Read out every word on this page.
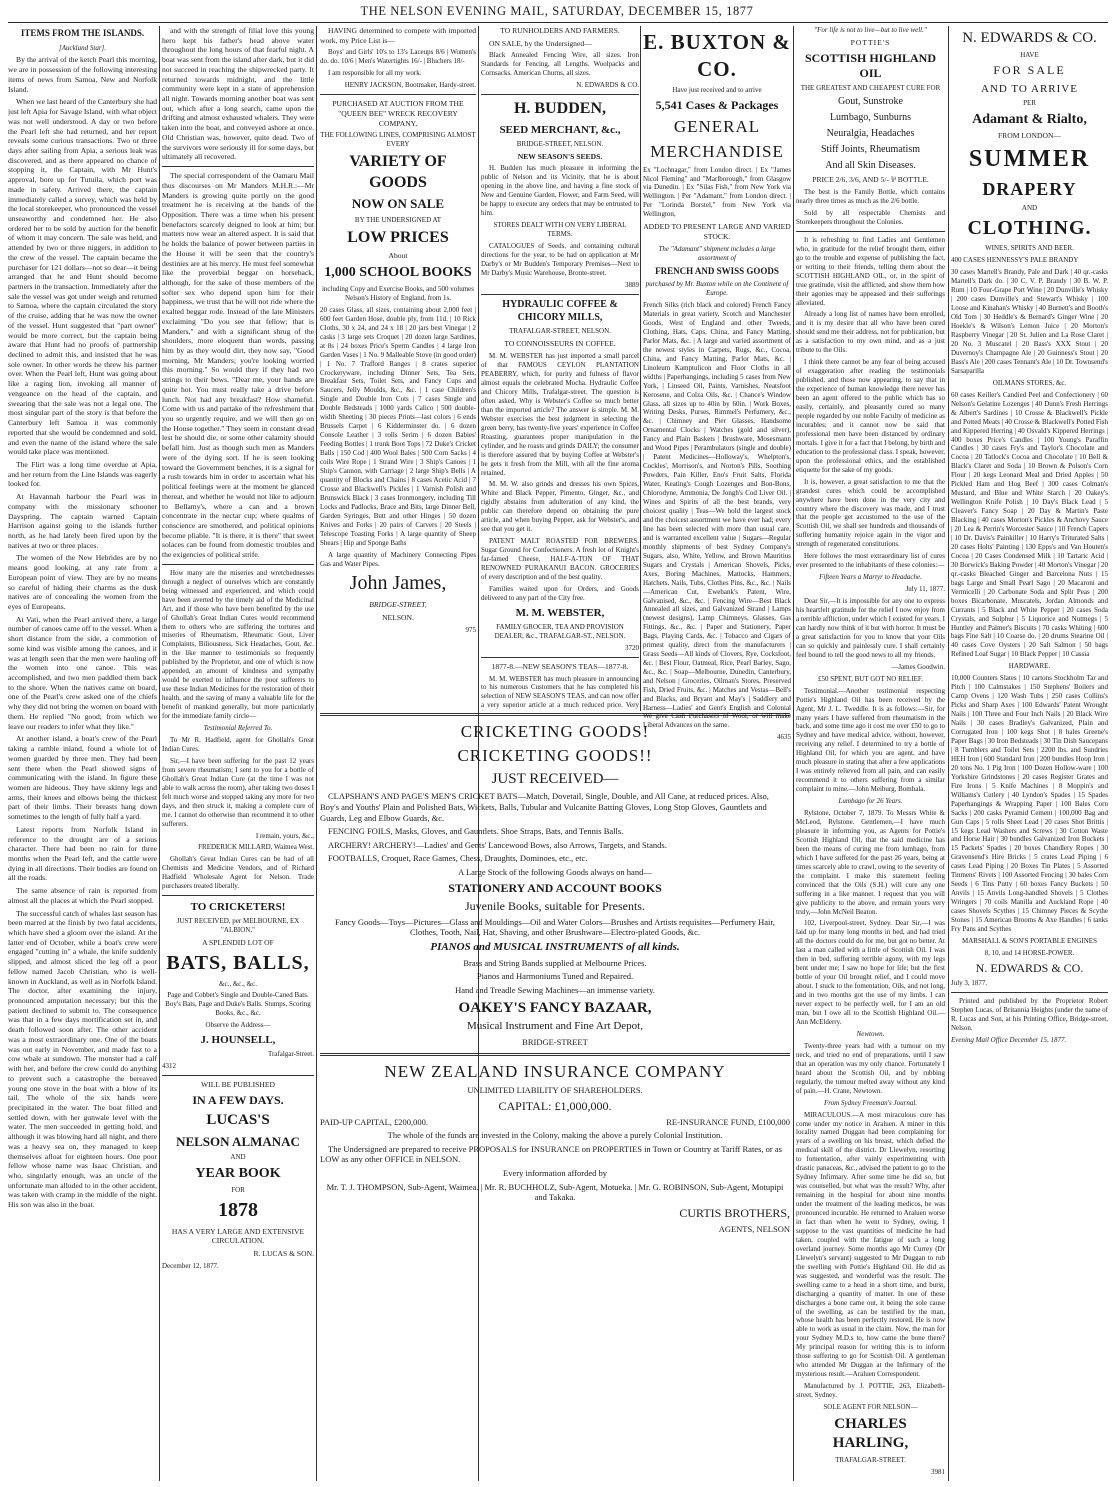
THE NELSON EVENING MAIL, SATURDAY, DECEMBER 15, 1877

ITEMS FROM THE ISLANDS.

[Auckland Star].

By the arrival of the ketch Pearl this morning, we are in possession of the following interesting items of news from Samoa, New and Norfolk Island.

When we last heard of the Canterbury she had just left Apia for Savage Island, with what object was not well understood. A day or two before the Pearl left she had returned, and her report reveals some curious transactions. Two or three days after sailing from Apia, a serious leak was discovered, and as there appeared no chance of stopping it, the Captain, with Mr Hunt's approval, bore up for Tutuila, which port was made in safety. Arrived there, the captain immediately called a survey, which was held by the local storekeeper, who pronounced the vessel unseaworthy and condemned her. He also ordered her to be sold by auction for the benefit of whom it may concern. The sale was held, and attended by two or three niggers, in addition to the crew of the vessel. The captain became the purchaser for 121 dollars—not so dear—it being arranged that he and Hunt should become partners in the transaction. Immediately after the sale the vessel was got under weigh and returned to Samoa, where the captain circulated the story of the cruise, adding that he was now the owner of the vessel. Hunt suggested that "part owner" would be more correct, but the captain being aware that Hunt had no proofs of partnership declined to admit this, and insisted that he was sole owner. In other words he threw his partner over. When the Pearl left, Hunt was going about like a raging lion, invoking all manner of vengeance on the head of the captain, and swearing that the sale was not a legal one. The most singular part of the story is that before the Canterbury left Samoa it was commonly reported that she would be condemned and sold, and even the name of the island where the sale would take place was mentioned.

The Flirt was a long time overdue at Apia, and her return from the Line Islands was eagerly looked for.

At Havannah harbour the Pearl was in company with the missionary schooner Dayspring. The captain warned Captain Harrison against going to the islands further north, as he had lately been fired upon by the natives at two or three places.

The women of the New Hebrides are by no means good looking, at any rate from a European point of view. They are by no means so careful of hiding their charms as the dusk natives are of concealing the women from the eyes of Europeans.

At Vati, when the Pearl arrived there, a large number of canoes came off to the vessel. When a short distance from the side, a commotion of some kind was visible among the canoes, and it was at length seen that the men were hauling off the women into one canoe. This was accomplished, and two men paddled them back to the shore. When the natives came on board, one of the Pearl's crew asked one of the chiefs why they did not bring the women on board with them. He replied "No good; from which we leave our readers to infer what they like."

At another island, a boat's crew of the Pearl taking a ramble inland, found a whole lot of women guarded by three men. They had been sent there when the Pearl showed signs of communicating with the island. In figure these women are hideous. They have skinny legs and arms, their knees and elbows being the thickest part of their limbs. Their breasts hang down sometimes to the length of fully half a yard.

Latest reports from Norfolk Island in reference to the drought are of a serious character. There had been no rain for three months when the Pearl left, and the cattle were dying in all directions. Their bodies are found on all the roads.

The same absence of rain is reported from almost all the places at which the Pearl stopped.

The successful catch of whales last season has been marred at the finish by two fatal accidents, which have shed a gloom over the island. At the latter end of October, while a boat's crew were engaged "cutting in" a whale, the knife suddenly slipped, and almost sliced the leg off a poor fellow named Jacob Christian, who is well-known in Auckland, as well as in Norfolk Island. The doctor, after examining the injury, pronounced amputation necessary; but this the patient declined to submit to. The consequence was that in a few days mortification set in, and death followed soon after. The other accident was a most extraordinary one. One of the boats was out early in November, and made fast to a cow whale at sundown. The monster had a calf with her, and before the crew could do anything to prevent such a catastrophe the bereaved young one stove in the boat with a blow of its tail. The whole of the six hands were precipitated in the water. The boat filled and settled down, with her gunwale level with the water. The men succeeded in getting hold, and although it was blowing hard all night, and there was a heavy sea on, they managed to keep themselves afloat for eighteen hours. One poor fellow whose name was Isaac Christian, and who, singularly enough, was an uncle of the unfortunate man alluded to in the other accident, was taken with cramp in the middle of the night. His son was also in the boat.

and with the strength of filial love this young hero kept his father's head above water throughout the long hours of that fearful night. A boat was sent from the island after dark, but it did not succeed in reaching the shipwrecked party. It returned towards midnight, and the little community were kept in a state of apprehension all night. Towards morning another boat was sent out, which after a long search, came upon the drifting and almost exhausted whalers. They were taken into the boat, and conveyed ashore at once. Old Christian was, however, quite dead. Two of the survivors were seriously ill for some days, but ultimately all recovered.

The special correspondent of the Oamaru Mail thus discourses on Mr Manders M.H.R.:—Mr Manders is growing quite portly on the good treatment he is receiving at the hands of the Opposition. There was a time when his present benefactors scarcely deigned to look at him; but matters now wear an altered aspect. It is said that he holds the balance of power between parties in the House it will be seen that the country's destinies are at his mercy. He must feel somewhat like the proverbial beggar on horseback, although, for the sake of those members of the softer sex who depend upon him for their happiness, we trust that he will not ride where the exalted beggar rode. Instead of the late Ministers exclaiming "Do you see that fellow; that is Manders," and with a significant shrug of the shoulders, more eloquent than words, passing him by as they would dirt, they now say, "Good morning, Mr Manders; you're looking worried this morning." So would they if they had two strings to their bows. "Dear me, your hands are quite hot. You must really take a drive before lunch. Not had any breakfast? How shameful. Come with us and partake of the refreshment that you so urgently require, and we will then go on the House together." They seem in constant dread lest he should die, or some other calamity should befall him. Just as though such men as Manders were of the dying sort. If he is seen looking toward the Government benches, it is a signal for a rush towards him in order to ascertain what his political feelings were at the moment he glanced thereat, and whether he would not like to adjourn to Bellamy's, where a can and a brown concentrate in the nectar cup; where qualms of conscience are smothered, and political opinions become pliable. "It is there, it is there" that sweet solaces can be found from domestic troubles and the exigencies of political strife.

How many are the miseries and wretchednesses through a neglect of ourselves which are constantly being witnessed and experienced, and which could have been averted by the timely aid of the Medicinal Art, and if those who have been benefited by the use of Ghollah's Great Indian Cures would recommend them to others who are suffering the tortures and miseries of Rheumatism, Rheumatic Gout, Liver Complaints, Biliousness, Sick Headaches, Gout, &c. in the like manner to testimonials so frequently published by the Proprietor, and one of which is now appended, an amount of kindness and sympathy would be exerted to influence the poor sufferers to use these Indian Medicines for the restoration of their health, and the saving of many a valuable life for the benefit of mankind generally, but more particularly for the immediate family circle—

Testimonial Referred To.

To Mr R. Hadfield, agent for Ghollah's Great Indian Cures.

Sir,—I have been suffering for the past 12 years from severe rheumatism; I sent to you for a bottle of Ghollah's Great Indian Cure (at the time I was not able to walk across the room), after taking two doses I felt much worse and stopped taking any more for two days, and then struck it, making a complete cure of me. I cannot do otherwise than recommend it to other sufferers.

I remain, yours, &c.,

FREDERICK MILLARD, Waimea West.

Ghollah's Great Indian Cures can be had of all Chemists and Medicine Vendors, and of Richard Hadfield Wholesale Agent for Nelson. Trade purchasers treated liberally.

TO CRICKETERS!

JUST RECEIVED, per MELBOURNE, EX "ALBION,"

A SPLENDID LOT OF

BATS, BALLS,

&c., &c., &c.

Page and Cobbet's Single and Double-Caned Bats. Boy's Bats, Page and Duke's Balls. Stumps, Scoring Books, &c., &c.

Observe the Address—

J. HOUNSELL,

Trafalgar-Street.

4312

WILL BE PUBLISHED

IN A FEW DAYS.

LUCAS'S

NELSON ALMANAC

AND

YEAR BOOK

FOR

1878

HAS A VERY LARGE AND EXTENSIVE CIRCULATION.

R. LUCAS & SON.

December 12, 1877.

HAVING determined to compete with imported work, my Price List is—

Boys' and Girls' 10's to 13's Laceups 8/6 | Women's do. do. 10/6 | Men's Watertights 16/- | Bluchers 18/-

I am responsible for all my work.

HENRY JACKSON, Bootmaker, Hardy-street.

PURCHASED AT AUCTION FROM THE "QUEEN BEE" WRECK RECOVERY COMPANY,

THE FOLLOWING LINES, COMPRISING ALMOST EVERY

VARIETY OF GOODS

NOW ON SALE

BY THE UNDERSIGNED AT

LOW PRICES

About

1,000 SCHOOL BOOKS

including Copy and Exercise Books, and 500 volumes Nelson's History of England, from 1s.

20 cases Glass, all sizes, containing about 2,000 feet | 600 feet Garden Hose, double ply, from 11d. | 10 Rick Cloths, 30 x 24, and 24 x 18 | 20 jars best Vinegar | 2 casks | 3 large sets Croquet | 20 dozen large Sardines, at 8s | 24 boxes Price's Sperm Candles | 4 large Iron Garden Vases | 1 No. 9 Malleable Stove (in good order) | 1 No. 7 Trafford Ranges | 8 crates superior Crockeryware, including Dinner Sets, Tea Sets, Breakfast Sets, Toilet Sets, and Fancy Cups and Saucers, Jelly Moulds, &c., &c. | 1 case Children's Single and Double Iron Cots | 7 cases Single and Double Bedsteads | 1000 yards Calico | 500 double-width Sheeting | 30 pieces Prints—last colors | 6 ends Brussels Carpet | 6 Kidderminster do. | 6 dozen Console Leather | 3 rolls Serim | 6 dozen Babies' Feeding Bottles | 1 trunk Boot Tops | 72 Duke's Cricket Balls | 150 Cod | 400 Wool Bales | 500 Corn Sacks | 4 coils Wire Rope | 1 Strand Wire | 3 Ship's Canoes | 1 Ship's Cannon, with Carriage | 2 large Ship's Bells | A quantity of Blocks and Chains | 8 cases Acetic Acid | 7 Crosse and Blackwell's Pickles | 1 Varnish Polish and Brunswick Black | 3 cases Ironmongery, including Till Locks and Padlocks, Brace and Bits, large Dinner Bell, Garden Syringes, Butt and other Hinges | 50 dozen Knives and Forks | 20 pairs of Carvers | 20 Steels | Telescope Toasting Forks | A large quantity of Sheep Shears | Hip and Sponge Baths

A large quantity of Machinery Connecting Pipes Gas and Water Pipes.

John James,

BRIDGE-STREET,

NELSON.

975

TO RUNHOLDERS AND FARMERS.

ON SALE, by the Undersigned—

Black Annealed Fencing Wire, all sizes. Iron Standards for Fencing, all Lengths. Woolpacks and Cornsacks. American Churns, all sizes.

N. EDWARDS & CO.

H. BUDDEN,

SEED MERCHANT, &c.,

BRIDGE-STREET, NELSON.

NEW SEASON'S SEEDS.

H. Budden has much pleasure in informing the public of Nelson and its Vicinity, that he is about opening in the above line, and having a fine stock of New and Genuine Garden, Flower, and Farm Seed, will be happy to execute any orders that may be entrusted to him.

STORES DEALT WITH ON VERY LIBERAL TERMS.

CATALOGUES of Seeds, and containing cultural directions for the year, to be had on application at Mr Darby's or Mr Budden's Temporary Premises—Next to Mr Darby's Music Warehouse, Bronte-street.

3889

HYDRAULIC COFFEE & CHICORY MILLS,

TRAFALGAR-STREET, NELSON.

TO CONNOISSEURS IN COFFEE.

M. M. WEBSTER has just imported a small parcel of that FAMOUS CEYLON PLANTATION PEABERRY, which, for purity and fulness of flavor almost equals the celebrated Mocha. Hydraulic Coffee and Chicory Mills, Trafalgar-street. The question is often asked, Why is Webster's Coffee so much better than the imported article? The answer is simple. M. M. Webster exercises the best judgment in selecting the green berry, has twenty-five years' experience in Coffee Roasting, guarantees proper manipulation in the cylinder, and he roasts and grinds DAILY; the consumer is therefore assured that by buying Coffee at Webster's he gets it fresh from the Mill, with all the fine aroma retained.

M. M. W. also grinds and dresses his own Spices, White and Black Pepper, Pimento, Ginger, &c., and rigidly abstains from adulteration of any kind, the public can therefore depend on obtaining the pure article, and when buying Pepper, ask for Webster's, and see that you get it.

PATENT MALT ROASTED FOR BREWERS. Sugar Ground for Confectioners. A fresh lot of Knight's far-famed Cheese, HALF-A-TON OF THAT RENOWNED PURAKANUI BACON. GROCERIES of every description and of the best quality.

Families waited upon for Orders, and Goods delivered to any part of the City free.

M. M. WEBSTER,

FAMILY GROCER, TEA AND PROVISION DEALER, &c., TRAFALGAR-ST., NELSON.

3720

1877-8.—NEW SEASON'S TEAS—1877-8.

M. M. WEBSTER has much pleasure in announcing to his numerous Customers that he has completed his selection of NEW SEASON'S TEAS, and can now offer a very superior article at a much reduced price. Very

E. BUXTON & CO.

Have just received and to arrive

5,541 Cases & Packages

GENERAL

MERCHANDISE

Ex "Lochnagar," from London direct. | Ex "James Nicol Fleming" and "Marlborough," from Glasgow via Dunedin. | Ex "Silas Fish," from New York via Wellington. | Per "Adamant," from London direct. | Per "Lorinda Borstel," from New York via Wellington,

ADDED TO PRESENT LARGE AND VARIED STOCK.

The "Adamant" shipment includes a large assortment of

FRENCH AND SWISS GOODS

purchased by Mr. Buxton while on the Continent of Europe.

French Silks (rich black and colored) French Fancy Materials in great variety, Scotch and Manchester Goods, West of England and other Tweeds, Clothing, Hats, Caps, China, and Fancy Matting, Parlor Mats, &c. | A large and varied assortment of the newest styles in Carpets, Rugs, &c., Cocoa, China, and Fancy Matting, Parlor Mats, &c. | Linoleum Kamptulicon and Floor Cloths in all widths | Paperhangings, including 5 cases from New York, | Linseed Oil, Paints, Varnishes, Neatsfoot Kerosene, and Colza Oils, &c. | Chance's Window Glass, all sizes up to 40in by 60in. | Work Boxes, Writing Desks, Purses, Rimmel's Perfumery, &c., &c. | Chimney and Pier Glasses, Handsome Ornamental Clocks | Watches (gold and silver), Fancy and Plain Baskets | Brushware, Mosesmann and Wood Pipes | Perambulators (single and double) | Patent Medicines—Holloway's, Whelpton's, Cockles', Morrison's, and Norton's Pills, Soothing Powders, Pain Killer, Eno's Fruit Salts, Florida Water, Keating's Cough Lozenges and Bon-Bons, Chlorodyne, Ammonia, De Jongh's Cod Liver Oil. | Wines and Spirits of all the best brands, very choicest quality | Teas—We hold the largest stock and the choicest assortment we have ever had; every line has been selected with more than usual care, and is warranted excellent value | Sugars—Regular monthly shipments of best Sydney Company's Sugars, also, White, Yellow, and Brown Mauritius Sugars and Crystals | American Shovels, Picks, Axes, Boring Machines, Mattocks, Hammers, Hatchets, Nails, Tubs, Clothes Pins, &c., &c. | Nails—American Cut, Ewebank's Patent, Wire, Galvanised, &c., &c. | Fencing Wire—Best Black Annealed all sizes, and Galvanized Strand | Lamps (newest designs), Lamp Chimneys, Glasses, Gas Fittings, &c., &c. | Paper and Stationery, Paper Bags, Playing Cards, &c. | Tobacco and Cigars of primest quality, direct from the manufacturers | Grass Seeds—All kinds of Clovers, Rye, Cocksfoot, &c. | Best Flour, Oatmeal, Rice, Pearl Barley, Sago, &c., &c. | Soap—Melbourne, Dunedin, Canterbury, and Nelson | Groceries, Oilman's Stores, Preserved Fish, Dried Fruits, &c. | Matches and Vestas—Bell's and Blacks, and Bryant and May's | Saddlery and Harness—Ladies' and Gent's English and Colonial

CRICKETING GOODS!

CRICKETING GOODS!!

JUST RECEIVED—

CLAPSHAN'S AND PAGE'S MEN'S CRICKET BATS—Match, Dovetail, Single, Double, and All Cane, at reduced prices. Also, Boy's and Youths' Plain and Polished Bats, Wickets, Balls, Tubular and Vulcanite Batting Gloves, Long Stop Gloves, Gauntlets and Guards, Leg and Elbow Guards, &c.

FENCING FOILS, Masks, Gloves, and Gauntlets. Shoe Straps, Bats, and Tennis Balls.

ARCHERY! ARCHERY!—Ladies' and Gents' Lancewood Bows, also Arrows, Targets, and Stands.

FOOTBALLS, Croquet, Race Games, Chess, Draughts, Dominoes, etc., etc.

A Large Stock of the following Goods always on hand—

STATIONERY AND ACCOUNT BOOKS

Juvenile Books, suitable for Presents.

Fancy Goods—Toys—Pictures—Glass and Mouldings—Oil and Water Colors—Brushes and Artists requisites—Perfumery Hair, Clothes, Tooth, Nail, Hat, Shaving, and other Brushware—Electro-plated Goods, &c.

PIANOS and MUSICAL INSTRUMENTS of all kinds.

Brass and String Bands supplied at Melbourne Prices.

Pianos and Harmoniums Tuned and Repaired.

Hand and Treadle Sewing Machines—an immense variety.

OAKEY'S FANCY BAZAAR,

Musical Instrument and Fine Art Depot,

BRIDGE-STREET

NEW ZEALAND INSURANCE COMPANY

UNLIMITED LIABILITY OF SHAREHOLDERS.

CAPITAL: £1,000,000.

PAID-UP CAPITAL, £200,000.	RE-INSURANCE FUND, £100,000

The whole of the funds are invested in the Colony, making the above a purely Colonial Institution.

The Undersigned are prepared to receive PROPOSALS for INSURANCE on PROPERTIES in Town or Country at Tariff Rates, or as LOW as any other OFFICE in NELSON.

Every information afforded by

Mr. T. J. THOMPSON, Sub-Agent, Waimea. | Mr. R. BUCHHOLZ, Sub-Agent, Motueka. | Mr. G. ROBINSON, Sub-Agent, Motupipi and Takaka.

CURTIS BROTHERS,

AGENTS, NELSON

We give Cash Purchasers of Wool, or will make Liberal Advances on the same.

4635

"For life is not to live—but to live well."

POTTIE'S

SCOTTISH HIGHLAND OIL

THE GREATEST AND CHEAPEST CURE FOR

Gout, Sunstroke

Lumbago, Sunburns

Neuralgia, Headaches

Stiff Joints, Rheumatism

And all Skin Diseases.

PRICE 2/6, 3/6, AND 5/- ⅌ BOTTLE.

The best is the Family Bottle, which contains nearly three times as much as the 2/6 bottle.

Sold by all respectable Chemists and Storekeepers throughout the Colonies.

It is refreshing to find Ladies and Gentlemen who, in gratitude for the relief brought them, either go to the trouble and expense of publishing the fact, or writing to their friends, telling them about the SCOTTISH HIGHLAND OIL, or, in the spirit of true gratitude, visit the afflicted, and show them how their agonies may be appeased and their sufferings alleviated.

Already a long list of names have been enrolled, and it is my desire that all who have been cured should send me their address, not for publication, but as a satisfaction to my own mind, and as a just tribute to the Oils.

I think there cannot be any fear of being accused of exaggeration after reading the testimonials published, and those now appearing, to say that in the experience of human knowledge there never has been an agent offered to the public which has so easily, certainly, and pleasantly cured so many people regarded by our noble Faculty of medicine as incurables; and it cannot now be said that professional men have been distanced by ordinary mortals. I give it for a fact that I belong, by birth and education to the professional class. I speak, however, upon the professional ethics, and the established etiquette for the sake of my goods.

It is, however, a great satisfaction to me that the grandest cures which could be accomplished anywhere have been done in the very city and country where the discovery was made, and I trust that the people get accustomed to the use of the Scottish Oil, we shall see hundreds and thousands of suffering humanity rejoice again in the vigor and strength of regenerated constitutions.

Here follows the most extraordinary list of cures ever presented to the inhabitants of these colonies:—

Fifteen Years a Martyr to Headache.

July 11, 1877.

Dear Sir,—It is impossible for any one to express his heartfelt gratitude for the relief I now enjoy from a terrible affliction, under which I existed for years. I can hardly now think of it but with horror. It must be a great satisfaction for you to know that your Oils can so quickly and painlessly cure. I shall certainly feel bound to tell the good news to all my friends.

—James Goodwin.

£50 SPENT, BUT GOT NO RELIEF.

Testimonial.—Another testimonial respecting Pottie's Highland Oil has been received by the Agent, Mr J. L. Tweddle. It is as follows:—Sir, for many years I have suffered from rheumatism in the back, and some time ago it cost me over £50 to go to Sydney and have medical advice, without, however, receiving any relief. I determined to try a bottle of Highland Oil, for which you are agent, and have much pleasure in stating that after a few applications I was entirely relieved from all pain, and can easily recommend it to others suffering from a similar complaint to mine.—John Meiburg, Bombala.

Lumbago for 26 Years.

Rylstone, October 7, 1879. To Messrs White & McLeod, Rylstone. Gentlemen,—I have much pleasure in informing you, as Agents for Pottie's Scottish Highland Oil, that the said medicine has been the means of curing me from lumbago, from which I have suffered for the past 26 years, being at times scarcely able to crawl, owing to the severity of the complaint. I make this statement feeling convinced that the Oils (S.H.) will cure any one suffering in a like manner. I request that you will give publicity to the above, and remain yours very truly,—John McNeil Beaton.

102, Liverpool-street, Sydney. Dear Sir,—I was laid up for many long months in bed, and had tried all the doctors could do for me, but got no better. At last a man called with a little of Scottish Oil. I was then in bed, suffering terrible agony, with my legs bent under me; I saw no hope for life; but the first bottle of your Oil brought relief, and I could move about. I stuck to the fomentation, Oils, and not long, and in two months got the use of my limbs. I can never expect to be perfectly well, for I am an old man, but I owe all to the Scottish Highland Oil.—Ann McElderry.

Newtown.

Twenty-three years bad with a tumour on my neck, and tried no end of preparations, until I saw that an operation was my only chance. Fortunately I heard about the Scottish Oil, and by rubbing regularly, the tumour melted away without any kind of pain.—H. Crane, Newtown.

From Sydney Freeman's Journal.

MIRACULOUS.—A most miraculous cure has come under my notice in Araluen. A miner in this locality named Duggan had been complaining for years of a swelling on his breast, which defied the medical skill of the district. Dr Llewelyn, resorting to fomentation, after vainly experimenting with drastic panaceas, &c., advised the patient to go to the Sydney Infirmary. After some time he did so, but was counselled, but what was the result? Why, after remaining in the hospital for about nine months under the treatment of the leading medicos, he was pronounced incurable. He returned to Araluen worse in fact than when he went to Sydney, owing, I suppose to the vast quantities of medicine he had taken, coupled with the fatigue of such a long overland journey. Some months ago Mr Currey (Dr Llewelyn's servant) suggested to Mr Duggan to rub the swelling with Pottie's Highland Oil. He did as was suggested, and wonderful was the result. The swelling came to a head in a short time, and burst, discharging a quantity of matter. In one of these discharges a bone came out, it being the sole cause of the swelling, as can be testified by the man, whose health has been perfectly restored. He is now able to work as usual in the claim. Now, the man for your Sydney M.D.s to, how came the bone there? My principal reason for writing this is to inform those suffering to go for Scottish Oil. A gentleman who attended Mr Duggan at the Infirmary of the mysterious result.—Araluen Correspondent.

Manufactured by J. POTTIE, 263, Elizabeth-street, Sydney.

SOLE AGENT FOR NELSON—

CHARLES HARLING,

TRAFALGAR-STREET.

3981

N. EDWARDS & CO.

HAVE

FOR SALE

AND TO ARRIVE

PER

Adamant & Rialto,

FROM LONDON—

SUMMER

DRAPERY

AND

CLOTHING.

WINES, SPIRITS AND BEER.

400 CASES HENNESSY'S PALE BRANDY

30 cases Martell's Brandy, Pale and Dark | 40 qr.-casks Martell's Dark do. | 30 C. V. P. Brandy | 30 B. W. P. Rum | 10 Four-Grape Port Wine | 20 Dunville's Whisky | 200 cases Dunville's and Stewart's Whisky | 100 Loose and Kinahan's Whisky | 40 Burnett's and Booth's Old Tom | 30 Heddle's & Bernard's Ginger Wine | 20 Hoekle's & Wilson's Lemon Juice | 20 Morton's Raspberry Vinegar | 20 St. Julien and La Rose Claret | 20 No. 3 Muscatel | 20 Bass's XXX Stout | 20 Duvernoy's Champagne Ale | 20 Guinness's Stout | 20 Bass's Ale | 200 cases Tennant's Ale | 10 Dr. Townsend's Sarsaparilla

OILMANS STORES, &c.

60 cases Keiller's Candied Peel and Confectionery | 60 Nelson's Gelatine Lozenges | 40 Dunn's Fresh Herrings & Albert's Sardines | 10 Crosse & Blackwell's Pickle and Potted Meats | 40 Crosse & Blackwell's Potted Fish and Kippered Herring | 40 Osvald's Kippered Herrings | 400 boxes Price's Candles | 100 Young's Paraffin Candles | 30 cases Fry's and Taylor's Chocolate and Cocoa | 20 Tatlock's Cocoa and Chocolate | 10 Bell & Black's Claret and Soda | 10 Brown & Polson's Corn Flour | 20 kegs Leonard Meal and Dried Apples | 50 Pickled Ham and Hog Beef | 300 cases Colman's Mustard, and Blue and White Starch | 20 Oakey's Wellington Knife Polish | 10 Day's Black Lead | 5 Cleaver's Fancy Soap | 20 Day & Martin's Paste Blacking | 40 cases Morton's Pickles & Anchovy Sauce | 20 Lea & Perrin's Worcester Sauce | 10 French Capers | 10 Dr. Davis's Painkiller | 10 Harry's Triturated Salts | 20 cases Holts' Painting | 130 Epps's and Van Houten's Cocoa | 20 Cases Condensed Milk | 10 Tartaric Acid | 30 Borwick's Baking Powder | 40 Morton's Vinegar | 20 qr.-casks Bleached Ginger and Barcelona Nuts | 15 bags Large and Small Pearl Sago | 20 Macaroni and Vermicelli | 20 Carbonate Soda and Split Peas | 200 boxes Bicarbonate, Muscatels, Jordan Almonds and Currants | 5 Black and White Pepper | 20 cases Soda Crystals, and Sulphur | 5 Liquorice and Nutmegs | 5 Huntley and Palmer's Biscuits | 70 casks Whiting | 600 bags Fine Salt | 10 Coarse do. | 20 drums Stearine Oil | 40 cases Cove Oysters | 20 Salt Salmon | 50 bags Refined Loaf Sugar | 10 Black Pepper | 10 Cassia

HARDWARE.

10,000 Counters Slates | 10 cartons Stockholm Tar and Pitch | 100 Calmstakes | 150 Stephens' Boilers and Camp Ovens | 120 Wash Tubs | 250 cases Collins's Picks and Sharp Axes | 100 Edwards' Patent Wrought Nails | 100 Three and Four Inch Nails | 20 Black Wire Nails | 30 cases Bradley's Galvanized, Plain and Corrugated Iron | 100 kegs Shot | 8 bales Greene's Paper Bags | 30 Iron Bedsteads | 30 Tin Dish Saucepans | 8 Tumblers and Toilet Sets | 2200 lbs. and Sundries HEH Iron | 600 Standard Iron | 200 bundles Hoop Iron | 20 tons No. 1 Pig Iron | 100 Dozen Hollow-ware | 100 Yorkshire Grindstones | 20 cases Register Grates and Fire Irons | 5 Knife Machines | 8 Moppin's and Williams's Cutlery | 40 Lyndon's Spades | 15 Spades Paperhangings & Wrapping Paper | 100 Bales Corn Sacks | 200 casks Pyramid Cement | 100,000 Bag and Gun Caps | 5 rolls Sheet Lead | 20 cases Shot Brittis | 15 kegs Lead Washers and Screws | 30 Cotton Waste and Horse Hair | 30 bundles Galvanized Iron Buckets | 15 Packets' Spades | 20 boxes Chandlery Ropes | 30 Gravensend's Hire Bricks | 5 crates Lead Piping | 6 cases Lead Piping | 20 Boxes Tin Plates | 5 Assorted Tinmens' Rivets | 100 Assorted Fencing | 30 bales Corn Seeds | 6 Tins Putty | 60 boxes Fancy Buckets | 50 Anvils | 15 Anvils Long-handled Shovels | 5 Clothes Wringers | 70 coils Manilla and Auckland Rope | 40 cases Shovels Scythes | 15 Chimney Pieces & Scythe Stones | 15 American Brooms & Axe Handles | 6 tanks Fry Pans and Scythes

MARSHALL & SON'S PORTABLE ENGINES

8, 10, and 14 HORSE-POWER.

N. EDWARDS & CO.

July 3, 1877.

Printed and published by the Proprietor Robert Stephen Lucas, of Britannia Heights (under the name of R. Lucas and Son, at his Printing Office, Bridge-street, Nelson.

Evening Mail Office December 15, 1877.
